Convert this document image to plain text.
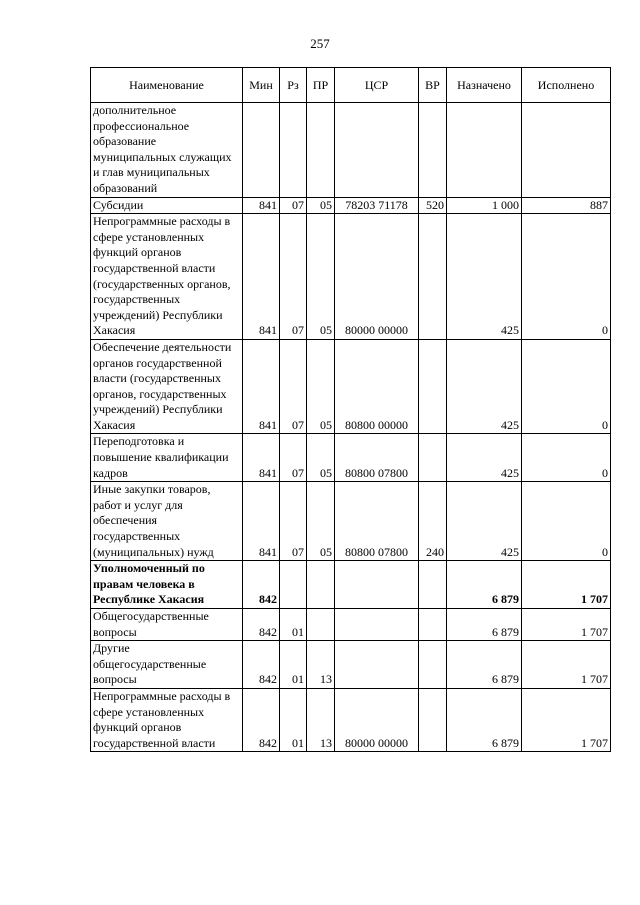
257
Наименование	Мин	Рз	ПР	ЦСР	ВР	Назначено	Исполнено
дополнительное профессиональное образование муниципальных служащих и глав муниципальных образований							
Субсидии	841	07	05	78203 71178	520	1 000	887
Непрограммные расходы в сфере установленных функций органов государственной власти (государственных органов, государственных учреждений) Республики Хакасия	841	07	05	80000 00000		425	0
Обеспечение деятельности органов государственной власти (государственных органов, государственных учреждений) Республики Хакасия	841	07	05	80800 00000		425	0
Переподготовка и повышение квалификации кадров	841	07	05	80800 07800		425	0
Иные закупки товаров, работ и услуг для обеспечения государственных (муниципальных) нужд	841	07	05	80800 07800	240	425	0
Уполномоченный по правам человека в Республике Хакасия	842					6 879	1 707
Общегосударственные вопросы	842	01				6 879	1 707
Другие общегосударственные вопросы	842	01	13			6 879	1 707
Непрограммные расходы в сфере установленных функций органов государственной власти	842	01	13	80000 00000		6 879	1 707
